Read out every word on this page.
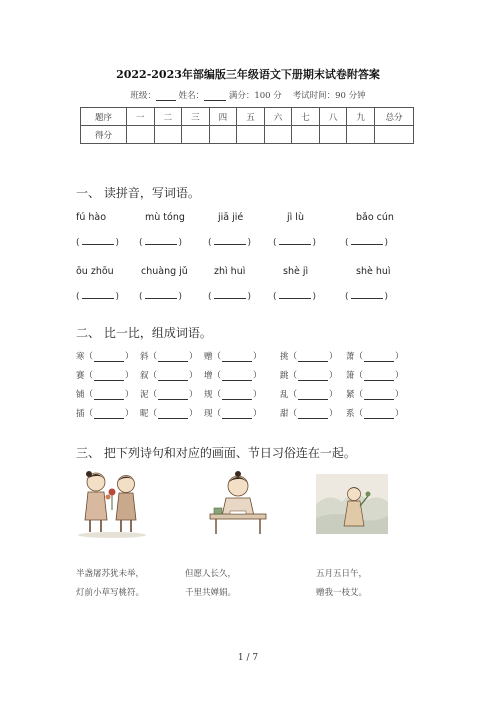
2022-2023年部编版三年级语文下册期末试卷附答案
班级：	姓名：	满分：100 分 考试时间：90 分钟
题序	一	二	三	四	五	六	七	八	九	总分
得分										
一、 读拼音，写词语。
fú hào	mù tóng	jiā jié	jì lù	bǎo cún
(	) (	)	(	) (	)	(	)
ōu zhōu	chuàng jǔ	zhì huì	shè jì	shè huì
(	) (	)	(	) (	)	(	)
二、 比一比，组成词语。
寒（	） 斜（	） 赠（	） 挑（	） 萧（	）
赛（	） 叙（	） 增（	） 跳（	） 箫（	）
铺（	） 泥（	） 规（	） 乱（	） 紧（	）
插（	） 昵（	） 现（	） 甜（	） 系（	）
三、 把下列诗句和对应的画面、节日习俗连在一起。
半盏屠苏犹未举，
灯前小草写桃符。
但愿人长久，
千里共婵娟。
五月五日午，
赠我一枝艾。
1 / 7
